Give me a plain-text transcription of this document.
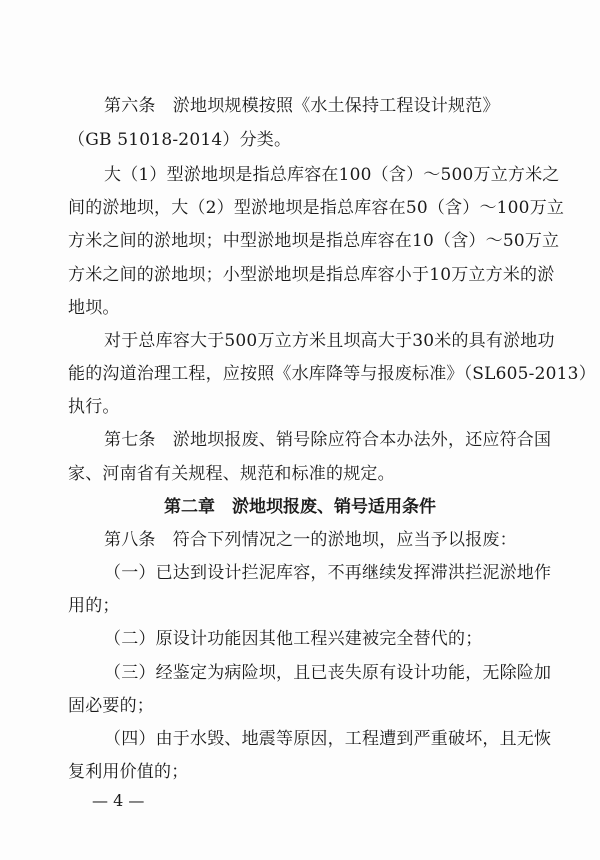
第六条　淤地坝规模按照《水土保持工程设计规范》
（GB 51018-2014）分类。
大（1）型淤地坝是指总库容在100（含）～500万立方米之
间的淤地坝，大（2）型淤地坝是指总库容在50（含）～100万立
方米之间的淤地坝；中型淤地坝是指总库容在10（含）～50万立
方米之间的淤地坝；小型淤地坝是指总库容小于10万立方米的淤
地坝。
对于总库容大于500万立方米且坝高大于30米的具有淤地功
能的沟道治理工程，应按照《水库降等与报废标准》（SL605-2013）
执行。
第七条　淤地坝报废、销号除应符合本办法外，还应符合国
家、河南省有关规程、规范和标准的规定。
第二章　淤地坝报废、销号适用条件
第八条　符合下列情况之一的淤地坝，应当予以报废：
（一）已达到设计拦泥库容，不再继续发挥滞洪拦泥淤地作
用的；
（二）原设计功能因其他工程兴建被完全替代的；
（三）经鉴定为病险坝，且已丧失原有设计功能，无除险加
固必要的；
（四）由于水毁、地震等原因，工程遭到严重破坏，且无恢
复利用价值的；
— 4 —
